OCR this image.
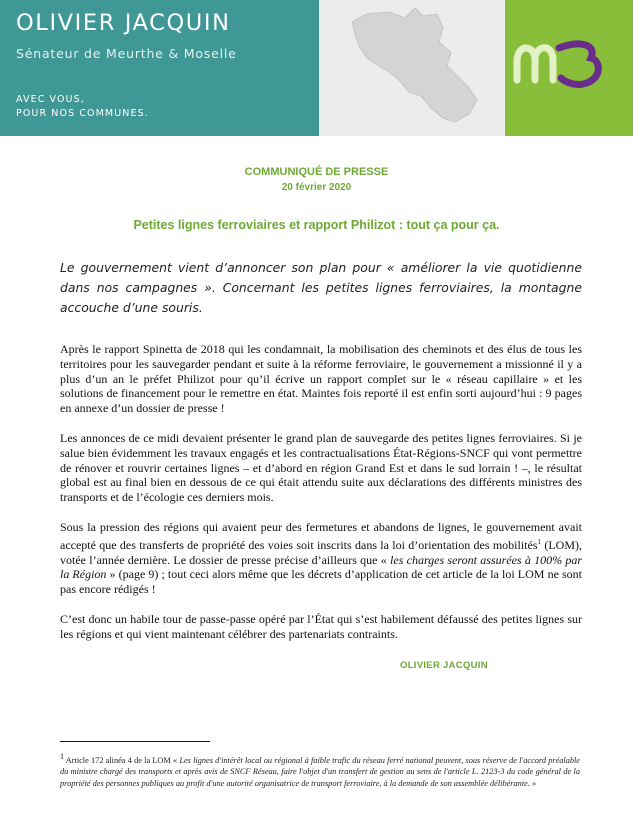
OLIVIER JACQUIN
Sénateur de Meurthe & Moselle
AVEC VOUS,
POUR NOS COMMUNES.
COMMUNIQUÉ DE PRESSE
20 février 2020
Petites lignes ferroviaires et rapport Philizot : tout ça pour ça.
Le gouvernement vient d’annoncer son plan pour « améliorer la vie quotidienne dans nos campagnes ». Concernant les petites lignes ferroviaires, la montagne accouche d’une souris.

Après le rapport Spinetta de 2018 qui les condamnait, la mobilisation des cheminots et des élus de tous les territoires pour les sauvegarder pendant et suite à la réforme ferroviaire, le gouvernement a missionné il y a plus d’un an le préfet Philizot pour qu’il écrive un rapport complet sur le « réseau capillaire » et les solutions de financement pour le remettre en état. Maintes fois reporté il est enfin sorti aujourd’hui : 9 pages en annexe d’un dossier de presse !

Les annonces de ce midi devaient présenter le grand plan de sauvegarde des petites lignes ferroviaires. Si je salue bien évidemment les travaux engagés et les contractualisations État-Régions-SNCF qui vont permettre de rénover et rouvrir certaines lignes – et d’abord en région Grand Est et dans le sud lorrain ! –, le résultat global est au final bien en dessous de ce qui était attendu suite aux déclarations des différents ministres des transports et de l’écologie ces derniers mois.

Sous la pression des régions qui avaient peur des fermetures et abandons de lignes, le gouvernement avait accepté que des transferts de propriété des voies soit inscrits dans la loi d’orientation des mobilités$^1$ (LOM), votée l’année dernière. Le dossier de presse précise d’ailleurs que « les charges seront assurées à 100% par la Région » (page 9) ; tout ceci alors même que les décrets d’application de cet article de la loi LOM ne sont pas encore rédigés !

C’est donc un habile tour de passe-passe opéré par l’État qui s’est habilement défaussé des petites lignes sur les régions et qui vient maintenant célébrer des partenariats contraints.

OLIVIER JACQUIN
$^1$ Article 172 alinéa 4 de la LOM « Les lignes d'intérêt local ou régional à faible trafic du réseau ferré national peuvent, sous réserve de l'accord préalable du ministre chargé des transports et après avis de SNCF Réseau, faire l'objet d'un transfert de gestion au sens de l'article L. 2123-3 du code général de la propriété des personnes publiques au profit d'une autorité organisatrice de transport ferroviaire, à la demande de son assemblée délibérante. »
